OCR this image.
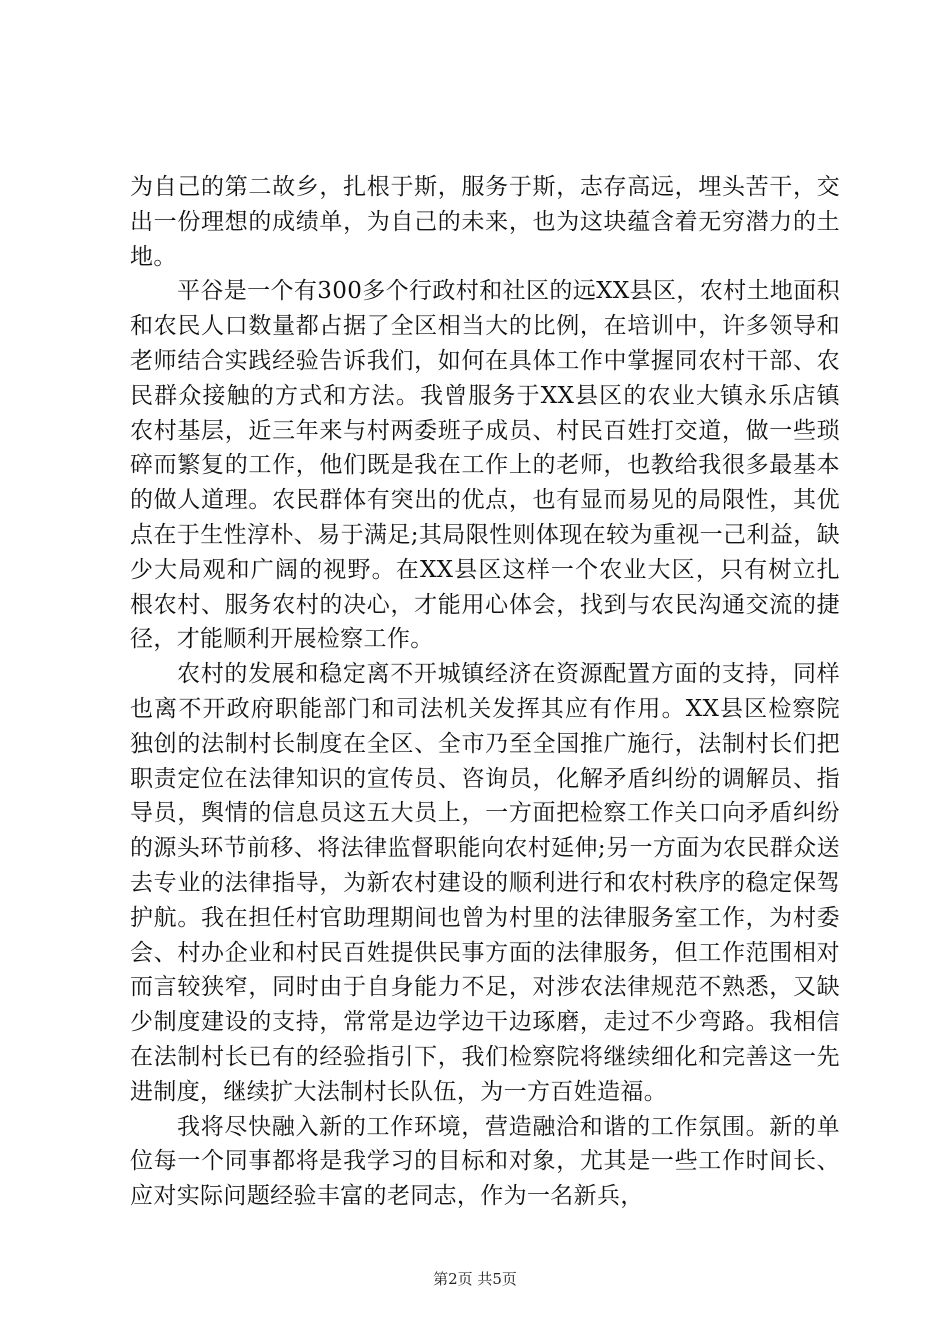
为自己的第二故乡，扎根于斯，服务于斯，志存高远，埋头苦干，交出一份理想的成绩单，为自己的未来，也为这块蕴含着无穷潜力的土地。

平谷是一个有300多个行政村和社区的远XX县区，农村土地面积和农民人口数量都占据了全区相当大的比例，在培训中，许多领导和老师结合实践经验告诉我们，如何在具体工作中掌握同农村干部、农民群众接触的方式和方法。我曾服务于XX县区的农业大镇永乐店镇农村基层，近三年来与村两委班子成员、村民百姓打交道，做一些琐碎而繁复的工作，他们既是我在工作上的老师，也教给我很多最基本的做人道理。农民群体有突出的优点，也有显而易见的局限性，其优点在于生性淳朴、易于满足;其局限性则体现在较为重视一己利益，缺少大局观和广阔的视野。在XX县区这样一个农业大区，只有树立扎根农村、服务农村的决心，才能用心体会，找到与农民沟通交流的捷径，才能顺利开展检察工作。

农村的发展和稳定离不开城镇经济在资源配置方面的支持，同样也离不开政府职能部门和司法机关发挥其应有作用。XX县区检察院独创的法制村长制度在全区、全市乃至全国推广施行，法制村长们把职责定位在法律知识的宣传员、咨询员，化解矛盾纠纷的调解员、指导员，舆情的信息员这五大员上，一方面把检察工作关口向矛盾纠纷的源头环节前移、将法律监督职能向农村延伸;另一方面为农民群众送去专业的法律指导，为新农村建设的顺利进行和农村秩序的稳定保驾护航。我在担任村官助理期间也曾为村里的法律服务室工作，为村委会、村办企业和村民百姓提供民事方面的法律服务，但工作范围相对而言较狭窄，同时由于自身能力不足，对涉农法律规范不熟悉，又缺少制度建设的支持，常常是边学边干边琢磨，走过不少弯路。我相信在法制村长已有的经验指引下，我们检察院将继续细化和完善这一先进制度，继续扩大法制村长队伍，为一方百姓造福。

我将尽快融入新的工作环境，营造融洽和谐的工作氛围。新的单位每一个同事都将是我学习的目标和对象，尤其是一些工作时间长、应对实际问题经验丰富的老同志，作为一名新兵，

第2页 共5页
